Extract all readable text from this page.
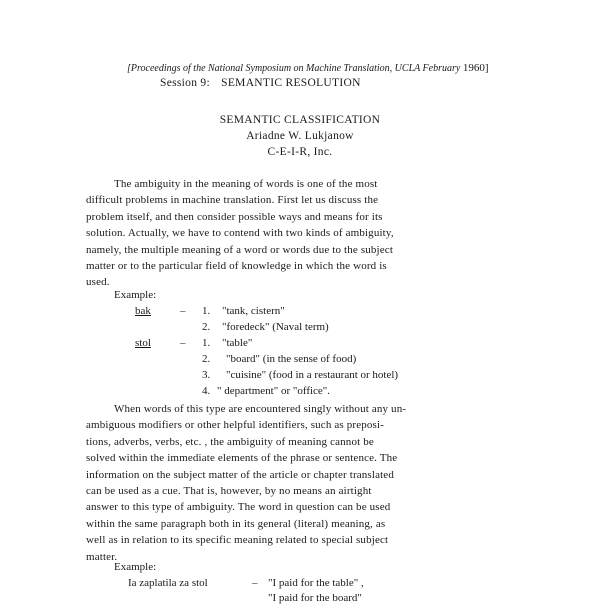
[Proceedings of the National Symposium on Machine Translation, UCLA February 1960]
Session 9: SEMANTIC RESOLUTION
SEMANTIC CLASSIFICATION
Ariadne W. Lukjanow
C-E-I-R, Inc.
The ambiguity in the meaning of words is one of the most
difficult problems in machine translation. First let us discuss the
problem itself, and then consider possible ways and means for its
solution. Actually, we have to contend with two kinds of ambiguity,
namely, the multiple meaning of a word or words due to the subject
matter or to the particular field of knowledge in which the word is
used.
Example:
bak	– 1. "tank, cistern"
2. "foredeck" (Naval term)
stol	– 1. "table"
2. "board" (in the sense of food)
3. "cuisine" (food in a restaurant or hotel)
4. " department" or "office".
When words of this type are encountered singly without any un-
ambiguous modifiers or other helpful identifiers, such as preposi-
tions, adverbs, verbs, etc. , the ambiguity of meaning cannot be
solved within the immediate elements of the phrase or sentence. The
information on the subject matter of the article or chapter translated
can be used as a cue. That is, however, by no means an airtight
answer to this type of ambiguity. The word in question can be used
within the same paragraph both in its general (literal) meaning, as
well as in relation to its specific meaning related to special subject
matter.
Example:
Ia zaplatila za stol	– "I paid for the table" ,
"I paid for the board"
